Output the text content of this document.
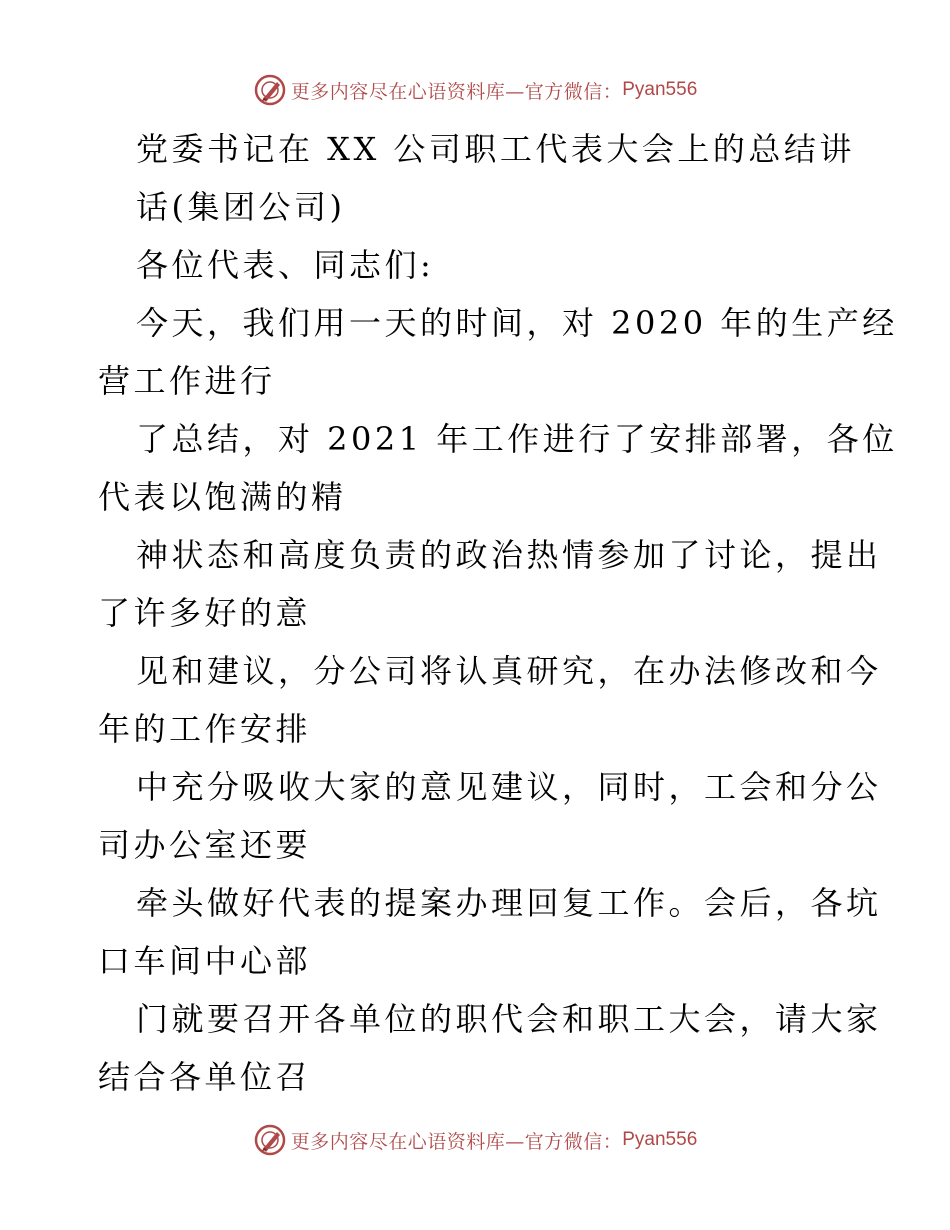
更多内容尽在心语资料库—官方微信： Pyan556
党委书记在 XX 公司职工代表大会上的总结讲
话(集团公司)
各位代表、同志们:
今天，我们用一天的时间，对 2020 年的生产经
营工作进行
了总结，对 2021 年工作进行了安排部署，各位
代表以饱满的精
神状态和高度负责的政治热情参加了讨论，提出
了许多好的意
见和建议，分公司将认真研究，在办法修改和今
年的工作安排
中充分吸收大家的意见建议，同时，工会和分公
司办公室还要
牵头做好代表的提案办理回复工作。会后，各坑
口车间中心部
门就要召开各单位的职代会和职工大会，请大家
结合各单位召
更多内容尽在心语资料库—官方微信： Pyan556
